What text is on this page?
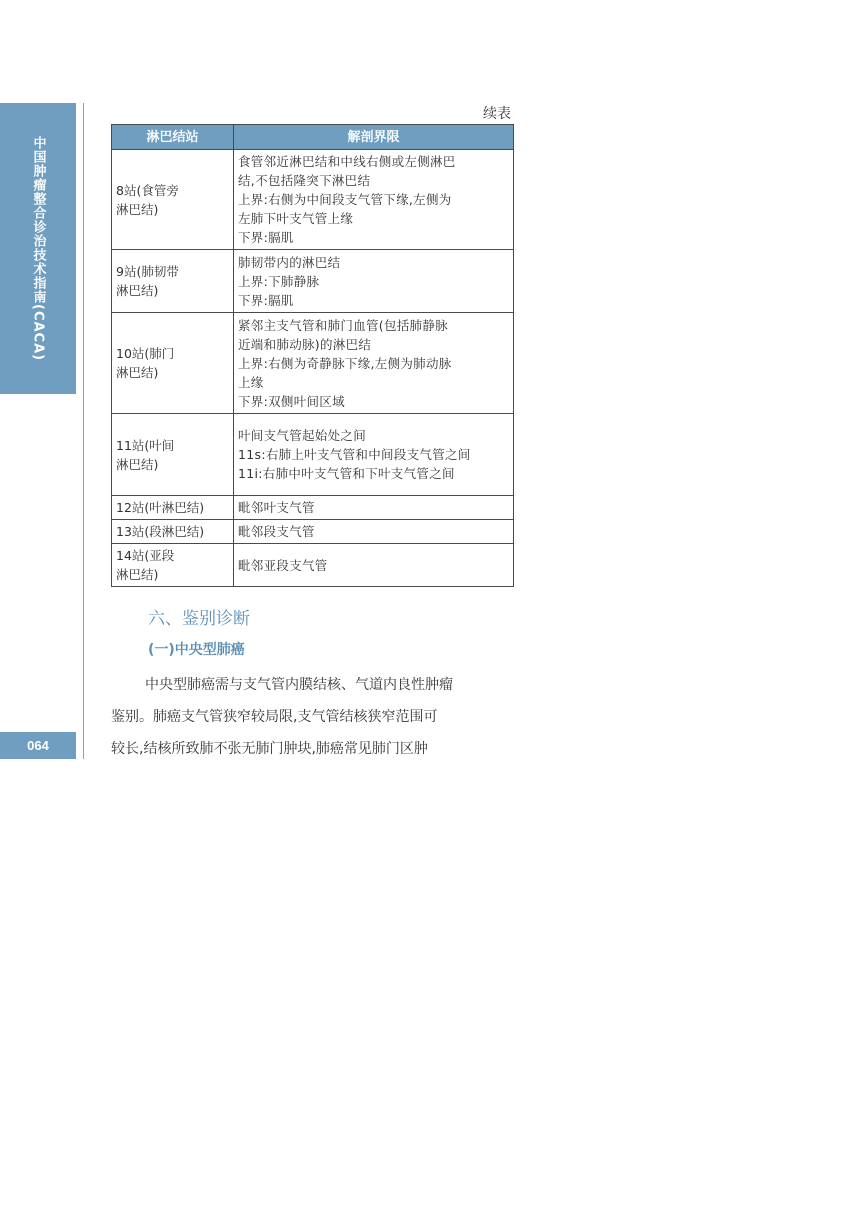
中国肿瘤整合诊治技术指南(CACA)
064
续表
淋巴结站	解剖界限

8站(食管旁
淋巴结)	食管邻近淋巴结和中线右侧或左侧淋巴
结,不包括隆突下淋巴结
上界:右侧为中间段支气管下缘,左侧为
左肺下叶支气管上缘
下界:膈肌

9站(肺韧带
淋巴结)	肺韧带内的淋巴结
上界:下肺静脉
下界:膈肌

10站(肺门
淋巴结)	紧邻主支气管和肺门血管(包括肺静脉
近端和肺动脉)的淋巴结
上界:右侧为奇静脉下缘,左侧为肺动脉
上缘
下界:双侧叶间区域

11站(叶间
淋巴结)	叶间支气管起始处之间
11s:右肺上叶支气管和中间段支气管之间
11i:右肺中叶支气管和下叶支气管之间

12站(叶淋巴结)	毗邻叶支气管

13站(段淋巴结)	毗邻段支气管

14站(亚段
淋巴结)	毗邻亚段支气管
六、鉴别诊断
(一)中央型肺癌

中央型肺癌需与支气管内膜结核、气道内良性肿瘤

鉴别。肺癌支气管狭窄较局限,支气管结核狭窄范围可

较长,结核所致肺不张无肺门肿块,肺癌常见肺门区肿
